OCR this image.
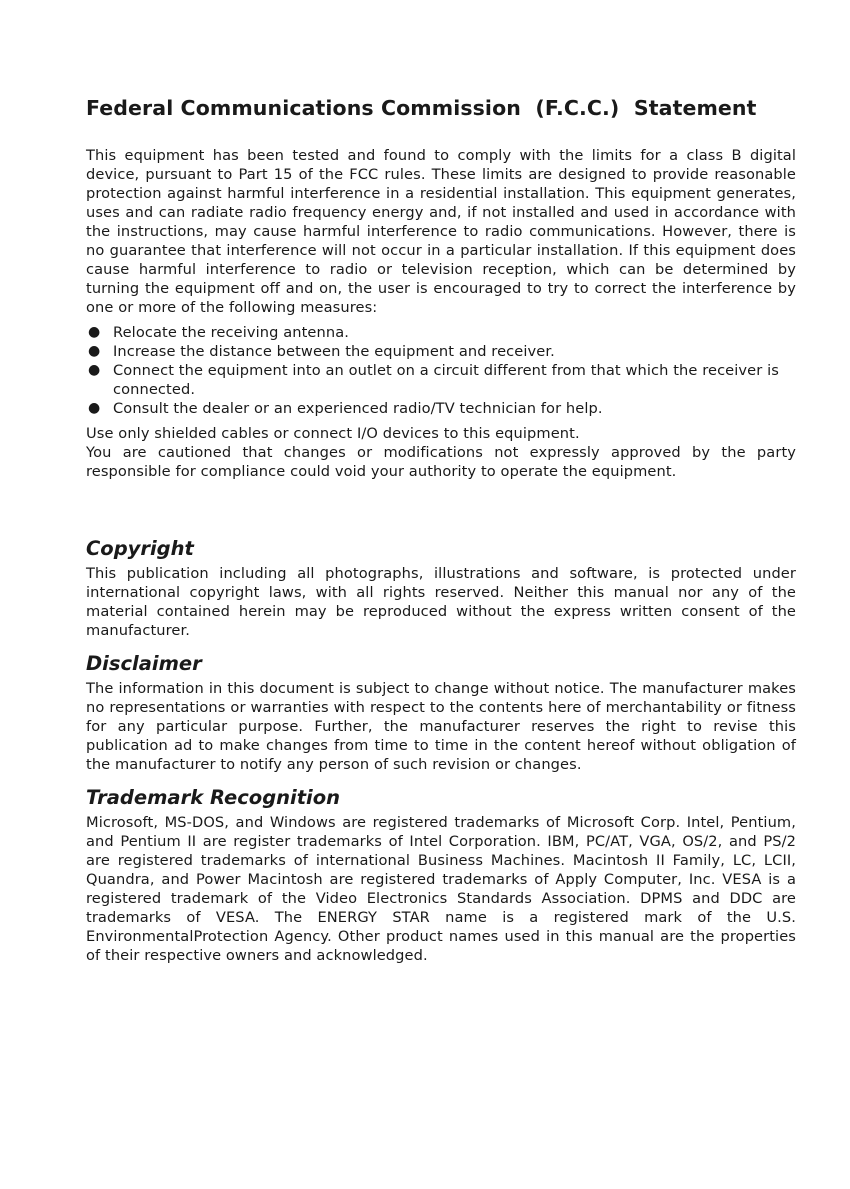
Federal Communications Commission  (F.C.C.)  Statement

This equipment has been tested and found to comply with the limits for a class B digital device, pursuant to Part 15 of the FCC rules. These limits are designed to provide reasonable protection against harmful interference in a residential installation. This equipment generates, uses and can radiate radio frequency energy and, if not installed and used in accordance with the instructions, may cause harmful interference to radio communications. However, there is no guarantee that interference will not occur in a particular installation. If this equipment does cause harmful interference to radio or television reception, which can be determined by turning the equipment off and on, the user is encouraged to try to correct the interference by one or more of the following measures:

● Relocate the receiving antenna.
● Increase the distance between the equipment and receiver.
● Connect the equipment into an outlet on a circuit different from that which the receiver is connected.
● Consult the dealer or an experienced radio/TV technician for help.

Use only shielded cables or connect I/O devices to this equipment.

You are cautioned that changes or modifications not expressly approved by the party responsible for compliance could void your authority to operate the equipment.

Copyright

This publication including all photographs, illustrations and software, is protected under international copyright laws, with all rights reserved. Neither this manual nor any of the material contained herein may be reproduced without the express written consent of the manufacturer.

Disclaimer

The information in this document is subject to change without notice. The manufacturer makes no representations or warranties with respect to the contents here of merchantability or fitness for any particular purpose. Further, the manufacturer reserves the right to revise this publication ad to make changes from time to time in the content hereof without obligation of the manufacturer to notify any person of such revision or changes.

Trademark Recognition

Microsoft, MS-DOS, and Windows are registered trademarks of Microsoft Corp. Intel, Pentium, and Pentium II are register trademarks of Intel Corporation. IBM, PC/AT, VGA, OS/2, and PS/2 are registered trademarks of international Business Machines. Macintosh II Family, LC, LCII, Quandra, and Power Macintosh are registered trademarks of Apply Computer, Inc. VESA is a registered trademark of the Video Electronics Standards Association. DPMS and DDC are trademarks of VESA. The ENERGY STAR name is a registered mark of the U.S. EnvironmentalProtection Agency. Other product names used in this manual are the properties of their respective owners and acknowledged.
